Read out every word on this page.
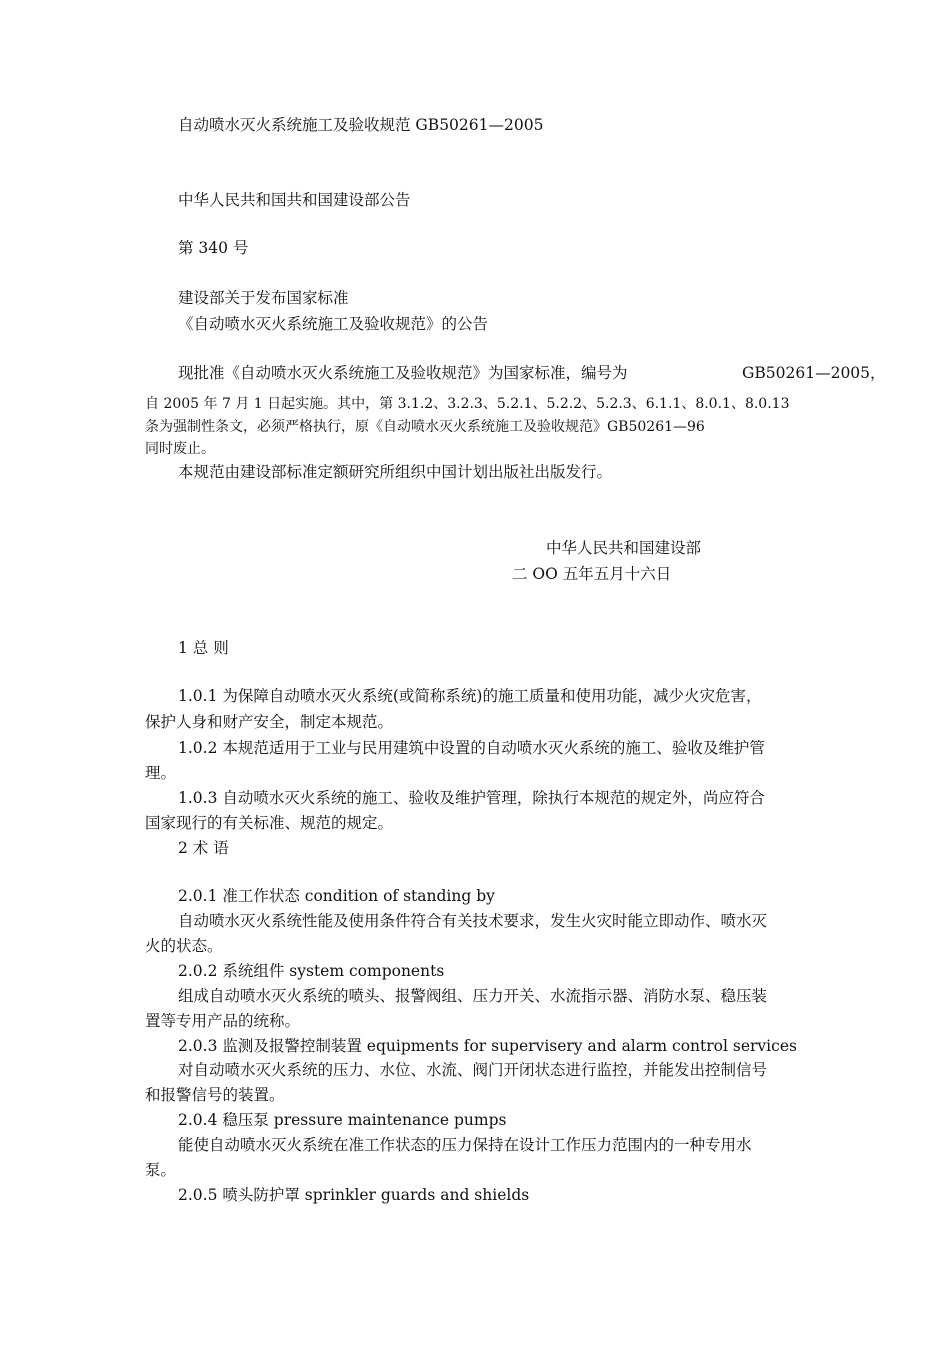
自动喷水灭火系统施工及验收规范 GB50261—2005
中华人民共和国共和国建设部公告
第 340 号
建设部关于发布国家标准
《自动喷水灭火系统施工及验收规范》的公告
现批准《自动喷水灭火系统施工及验收规范》为国家标准，编号为	GB50261—2005，
自 2005 年 7 月 1 日起实施。其中，第 3.1.2、3.2.3、5.2.1、5.2.2、5.2.3、6.1.1、8.0.1、8.0.13
条为强制性条文，必须严格执行，原《自动喷水灭火系统施工及验收规范》GB50261—96
同时废止。
本规范由建设部标准定额研究所组织中国计划出版社出版发行。
中华人民共和国建设部
二 OO 五年五月十六日
1 总 则
1.0.1 为保障自动喷水灭火系统(或简称系统)的施工质量和使用功能，减少火灾危害，
保护人身和财产安全，制定本规范。
1.0.2 本规范适用于工业与民用建筑中设置的自动喷水灭火系统的施工、验收及维护管
理。
1.0.3 自动喷水灭火系统的施工、验收及维护管理，除执行本规范的规定外，尚应符合
国家现行的有关标准、规范的规定。
2 术 语
2.0.1 准工作状态 condition of standing by
自动喷水灭火系统性能及使用条件符合有关技术要求，发生火灾时能立即动作、喷水灭
火的状态。
2.0.2 系统组件 system components
组成自动喷水灭火系统的喷头、报警阀组、压力开关、水流指示器、消防水泵、稳压装
置等专用产品的统称。
2.0.3 监测及报警控制装置 equipments for supervisery and alarm control services
对自动喷水灭火系统的压力、水位、水流、阀门开闭状态进行监控，并能发出控制信号
和报警信号的装置。
2.0.4 稳压泵 pressure maintenance pumps
能使自动喷水灭火系统在准工作状态的压力保持在设计工作压力范围内的一种专用水
泵。
2.0.5 喷头防护罩 sprinkler guards and shields
